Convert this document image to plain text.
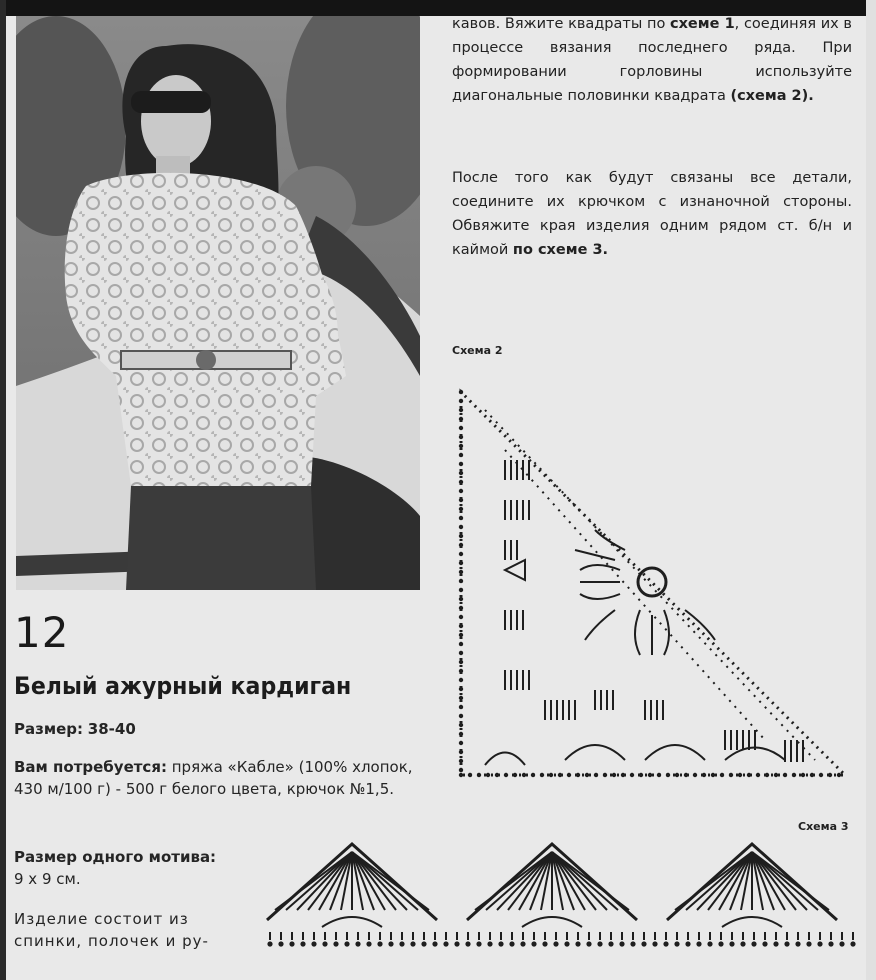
12
Белый ажурный кардиган
Размер: 38-40
Вам потребуется: пряжа «Кабле» (100% хлопок, 430 м/100 г) - 500 г белого цвета, крючок №1,5.
Размер одного мотива:
9 х 9 см.
Изделие состоит из спинки, полочек и ру-
кавов. Вяжите квадраты по схеме 1, соединяя их в процессе вязания последнего ряда. При формировании горловины используйте диагональные половинки квадрата (схема 2).
После того как будут связаны все детали, соедините их крючком с изнаночной стороны. Обвяжите края изделия одним рядом ст. б/н и каймой по схеме 3.
Схема 2
Схема 3
